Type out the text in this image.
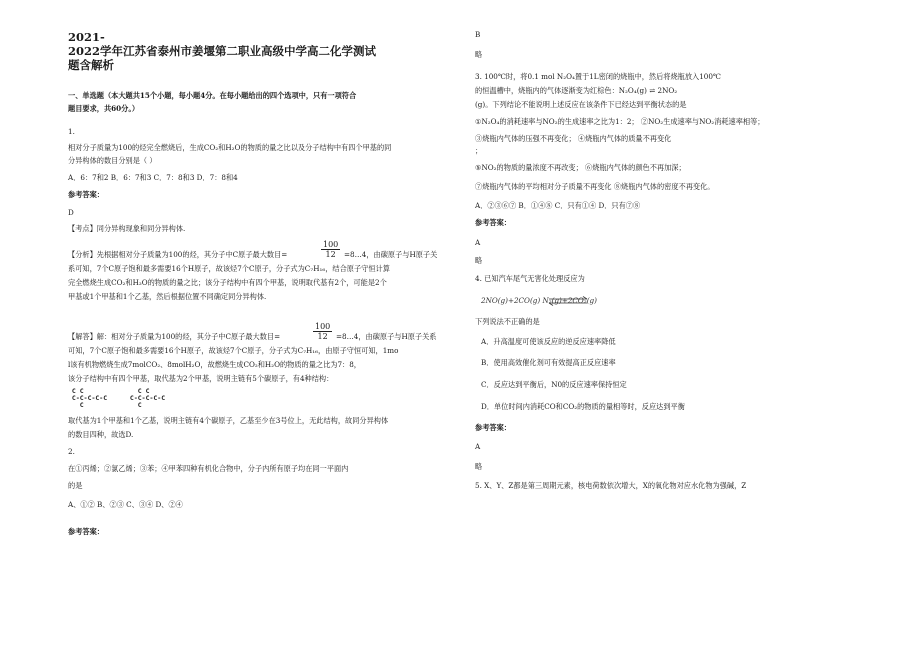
2021-
2022学年江苏省泰州市姜堰第二职业高级中学高二化学测试
题含解析
一、单选题（本大题共15个小题，每小题4分。在每小题给出的四个选项中，只有一项符合
题目要求，共60分。）
1.
相对分子质量为100的烃完全燃烧后，生成CO₂和H₂O的物质的量之比以及分子结构中有四个甲基的同
分异构体的数目分别是（ ）
A．6：7和2 B．6：7和3 C．7：8和3 D．7：8和4
参考答案：
D
【考点】同分异构现象和同分异构体.
$\frac{100}{12}$
【分析】先根据相对分子质量为100的烃，其分子中C原子最大数目=	=8…4，由碳原子与H原子关
系可知，7个C原子饱和最多需要16个H原子，故该烃7个C原子，分子式为C₇H₁₆，结合原子守恒计算
完全燃烧生成CO₂和H₂O的物质的量之比；该分子结构中有四个甲基，说明取代基有2个，可能是2个
甲基或1个甲基和1个乙基，然后根据位置不同确定同分异构体.
$\frac{100}{12}$
【解答】解：相对分子质量为100的烃，其分子中C原子最大数目=	=8…4，由碳原子与H原子关系
可知，7个C原子饱和最多需要16个H原子，故该烃7个C原子，分子式为C₇H₁₆，由原子守恒可知，1mo
l该有机物燃烧生成7molCO₂、8molH₂O，故燃烧生成CO₂和H₂O的物质的量之比为7：8，
该分子结构中有四个甲基，取代基为2个甲基，说明主链有5个碳原子，有4种结构：
C C
C-C-C-C-C
C
C C
C-C-C-C-C
C
取代基为1个甲基和1个乙基，说明主链有4个碳原子，乙基至少在3号位上，无此结构，故同分异构体
的数目四种，故选D.
2.
在①丙烯；②氯乙烯；③苯；④甲苯四种有机化合物中，分子内所有原子均在同一平面内
的是
A、①② B、②③ C、③④ D、②④
参考答案：
B
略
3. 100℃时，将0.1 mol N₂O₄置于1L密闭的烧瓶中，然后将烧瓶放入100℃
的恒温槽中，烧瓶内的气体逐渐变为红棕色：N₂O₄(g) ⇌ 2NO₂
(g)。下列结论不能说明上述反应在该条件下已经达到平衡状态的是
①N₂O₄的消耗速率与NO₂的生成速率之比为1：2； ②NO₂生成速率与NO₂消耗速率相等；
③烧瓶内气体的压强不再变化； ④烧瓶内气体的质量不再变化
；
⑤NO₂的物质的量浓度不再改变； ⑥烧瓶内气体的颜色不再加深；
⑦烧瓶内气体的平均相对分子质量不再变化 ⑧烧瓶内气体的密度不再变化。
A．②③⑥⑦ B．①④⑧ C．只有①④ D．只有⑦⑧
参考答案：
A
略
4. 已知汽车尾气无害化处理反应为
2NO(g)+2CO(g) N₂(g)+2CO₂(g)
下列说法不正确的是
A．升高温度可使该反应的逆反应速率降低
B．使用高效催化剂可有效提高正反应速率
C．反应达到平衡后，N0的反应速率保持恒定
D．单位时间内消耗CO和CO₂的物质的量相等时，反应达到平衡
参考答案：
A
略
5. X、Y、Z都是第三周期元素，核电荷数依次增大，X的氧化物对应水化物为强碱，Z
